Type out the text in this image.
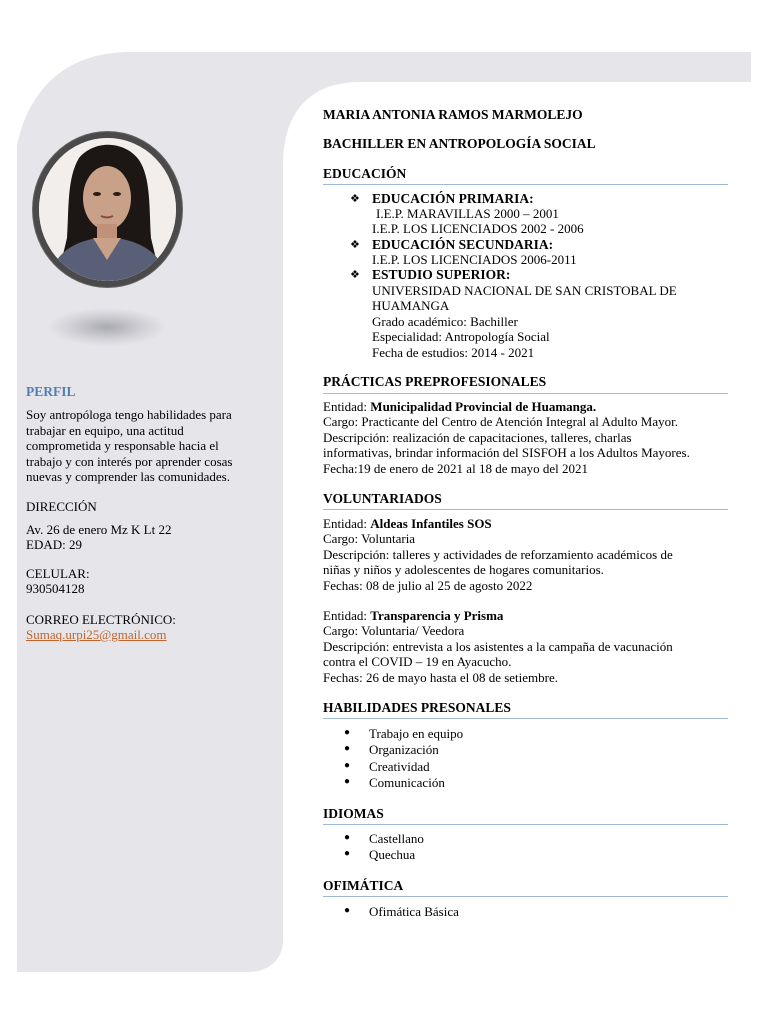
PERFIL
Soy antropóloga tengo habilidades para
trabajar en equipo, una actitud
comprometida y responsable hacia el
trabajo y con interés por aprender cosas
nuevas y comprender las comunidades.
DIRECCIÓN
Av. 26 de enero Mz K Lt 22
EDAD: 29
CELULAR:
930504128
CORREO ELECTRÓNICO:
Sumaq.urpi25@gmail.com
MARIA ANTONIA RAMOS MARMOLEJO
BACHILLER EN ANTROPOLOGÍA SOCIAL
EDUCACIÓN
❖ EDUCACIÓN PRIMARIA:
I.E.P. MARAVILLAS 2000 – 2001
I.E.P. LOS LICENCIADOS 2002 - 2006
❖ EDUCACIÓN SECUNDARIA:
I.E.P. LOS LICENCIADOS 2006-2011
❖ ESTUDIO SUPERIOR:
UNIVERSIDAD NACIONAL DE SAN CRISTOBAL DE
HUAMANGA
Grado académico: Bachiller
Especialidad: Antropología Social
Fecha de estudios: 2014 - 2021
PRÁCTICAS PREPROFESIONALES
Entidad: Municipalidad Provincial de Huamanga.
Cargo: Practicante del Centro de Atención Integral al Adulto Mayor.
Descripción: realización de capacitaciones, talleres, charlas
informativas, brindar información del SISFOH a los Adultos Mayores.
Fecha:19 de enero de 2021 al 18 de mayo del 2021
VOLUNTARIADOS
Entidad: Aldeas Infantiles SOS
Cargo: Voluntaria
Descripción: talleres y actividades de reforzamiento académicos de
niñas y niños y adolescentes de hogares comunitarios.
Fechas: 08 de julio al 25 de agosto 2022
Entidad: Transparencia y Prisma
Cargo: Voluntaria/ Veedora
Descripción: entrevista a los asistentes a la campaña de vacunación
contra el COVID – 19 en Ayacucho.
Fechas: 26 de mayo hasta el 08 de setiembre.
HABILIDADES PRESONALES
● Trabajo en equipo
● Organización
● Creatividad
● Comunicación
IDIOMAS
● Castellano
● Quechua
OFIMÁTICA
● Ofimática Básica
